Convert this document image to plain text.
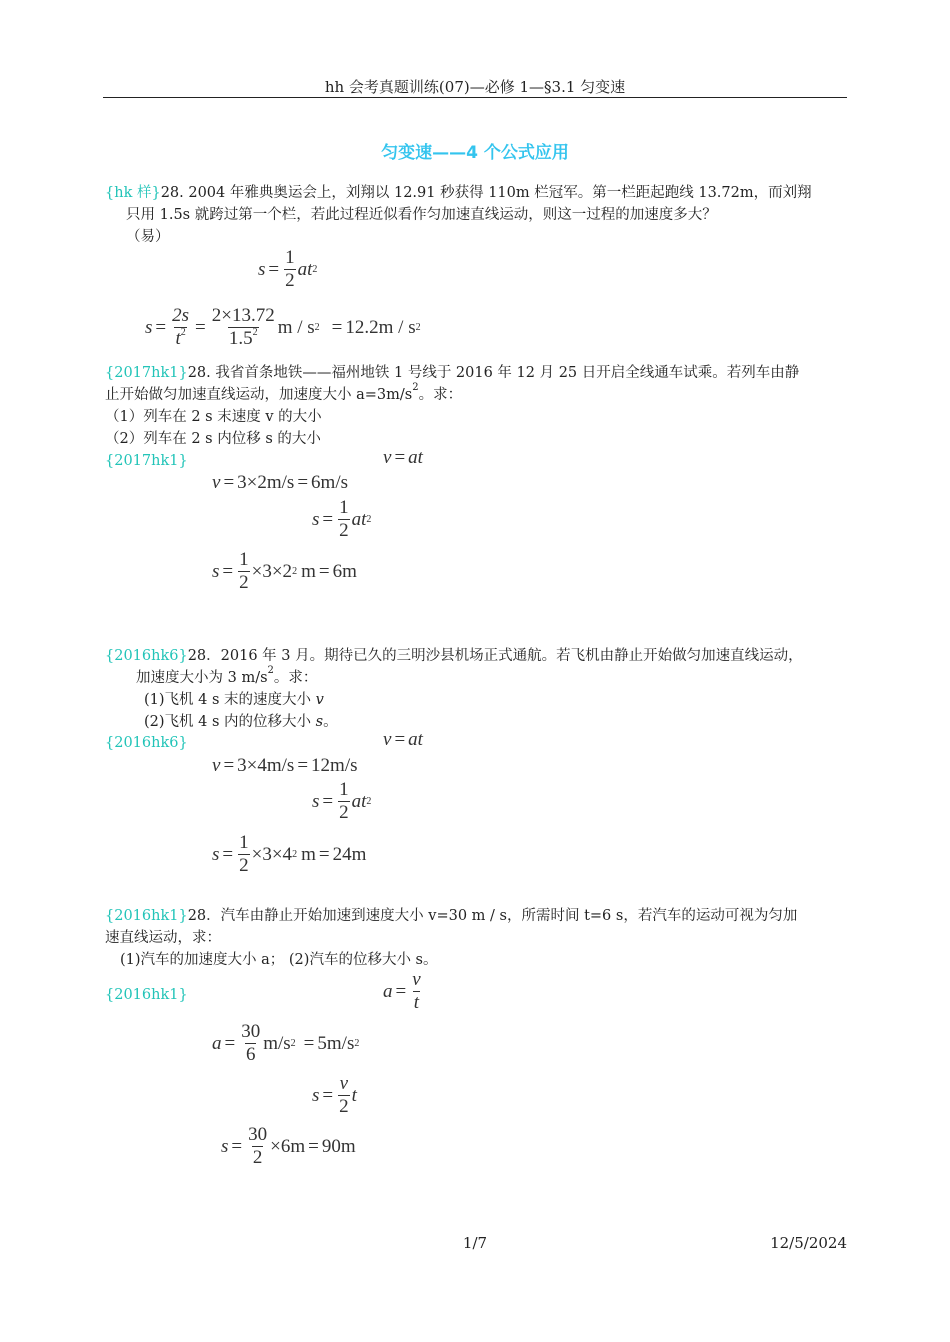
hh 会考真题训练(07)—必修 1—§3.1 匀变速
匀变速——4 个公式应用
{hk 样}28. 2004 年雅典奥运会上，刘翔以 12.91 秒获得 110m 栏冠军。第一栏距起跑线 13.72m，而刘翔
只用 1.5s 就跨过第一个栏，若此过程近似看作匀加速直线运动，则这一过程的加速度多大？
（易）
$s = \frac{1}{2}$ at 2
$s = \frac{2s}{t^2} = \frac{2\times 13.72}{1.5^2}$ m / s 2 = 12.2m / s 2
{2017hk1}28. 我省首条地铁——福州地铁 1 号线于 2016 年 12 月 25 日开启全线通车试乘。若列车由静
止开始做匀加速直线运动，加速度大小 $a=3m/s^2$。求：
（1）列车在 2 s 末速度 v 的大小
（2）列车在 2 s 内位移 s 的大小
{2017hk1}	v = at
v = 3×2m/s = 6m/s
$s = \frac{1}{2}$ at 2
$s = \frac{1}{2} \times 3\times 2$ 2 m = 6m
{2016hk6}28．2016 年 3 月。期待已久的三明沙县机场正式通航。若飞机由静止开始做匀加速直线运动，
加速度大小为 3 $m/s^2$。求：
(1)飞机 4 s 末的速度大小 v
(2)飞机 4 s 内的位移大小 s。
{2016hk6}	v = at
v = 3×4m/s = 12m/s
$s = \frac{1}{2}$ at 2
$s = \frac{1}{2} \times 3\times 4$ 2 m = 24m
{2016hk1}28．汽车由静止开始加速到速度大小 v=30 m / s，所需时间 t=6 s，若汽车的运动可视为匀加
速直线运动，求：
(1)汽车的加速度大小 a； (2)汽车的位移大小 s。
{2016hk1}	$a = \frac{v}{t}$
$a = \frac{30}{6} m/s$ 2 = 5m/s 2
$s = \frac{v}{2}$ t
$s = \frac{30}{2} \times 6m = 90m$
1/7	12/5/2024
